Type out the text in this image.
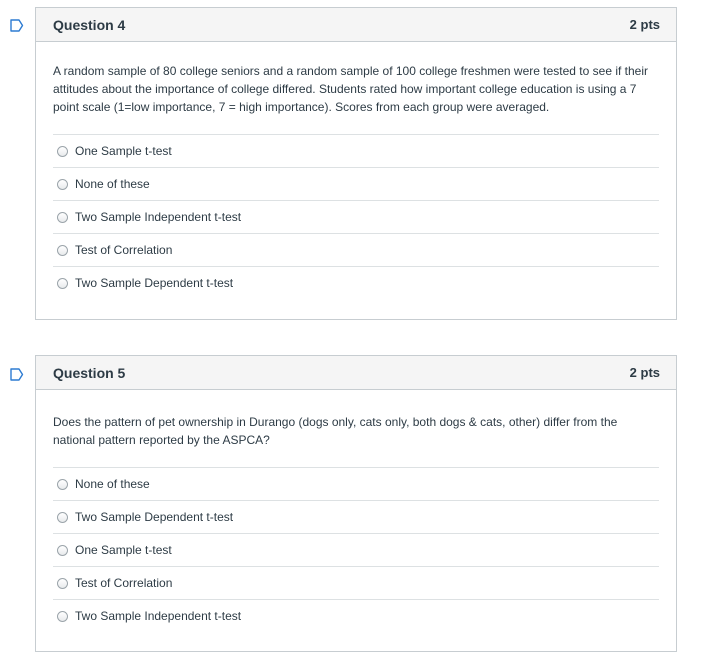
Question 4	2 pts

A random sample of 80 college seniors and a random sample of 100 college freshmen were tested to see if their attitudes about the importance of college differed. Students rated how important college education is using a 7 point scale (1=low importance, 7 = high importance). Scores from each group were averaged.

One Sample t-test
None of these
Two Sample Independent t-test
Test of Correlation
Two Sample Dependent t-test
Question 5	2 pts

Does the pattern of pet ownership in Durango (dogs only, cats only, both dogs & cats, other) differ from the national pattern reported by the ASPCA?

None of these
Two Sample Dependent t-test
One Sample t-test
Test of Correlation
Two Sample Independent t-test
